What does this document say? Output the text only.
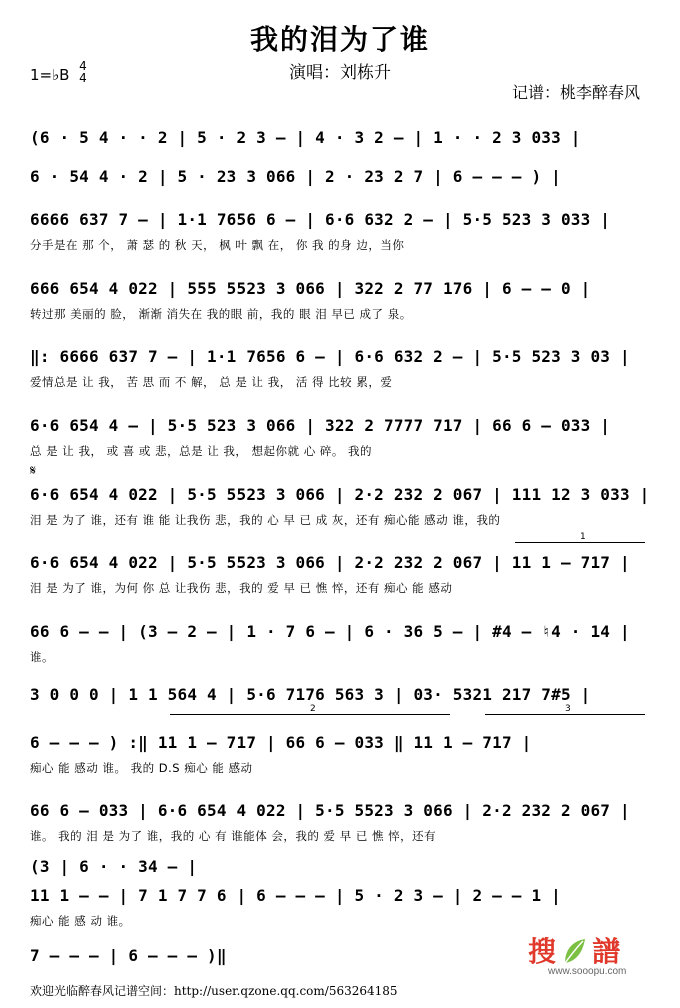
我的泪为了谁
演唱：刘栋升
1=♭B 4
4
记谱：桃李醉春风
(6 · 5 4 · · 2 | 5 · 2 3 – | 4 · 3 2 – | 1 · · 2 3 033 |
6 · 54 4 · 2 | 5 · 23 3 066 | 2 · 23 2 7 | 6 – – – ) |
6666 637 7 – | 1·1 7656 6 – | 6·6 632 2 – | 5·5 523 3 033 |
分手是在 那 个， 萧 瑟 的 秋 天， 枫 叶 飘 在， 你 我 的身 边，当你
666 654 4 022 | 555 5523 3 066 | 322 2 77 176 | 6 – – 0 |
转过那 美丽的 脸， 渐渐 消失在 我的眼 前，我的 眼 泪 早已 成了 泉。
‖: 6666 637 7 – | 1·1 7656 6 – | 6·6 632 2 – | 5·5 523 3 03 |
爱情总是 让 我， 苦 思 而 不 解， 总 是 让 我， 活 得 比较 累，爱
6·6 654 4 – | 5·5 523 3 066 | 322 2 7777 717 | 66 6 – 033 |
总 是 让 我， 或 喜 或 悲，总是 让 我， 想起你就 心 碎。 我的
6·6 654 4 022 | 5·5 5523 3 066 | 2·2 232 2 067 | 111 12 3 033 |
泪 是 为了 谁，还有 谁 能 让我伤 悲，我的 心 早 已 成 灰，还有 痴心能 感动 谁，我的
6·6 654 4 022 | 5·5 5523 3 066 | 2·2 232 2 067 | 11 1 – 717 |
泪 是 为了 谁，为何 你 总 让我伤 悲，我的 爱 早 已 憔 悴，还有 痴心 能 感动
66 6 – – | (3 – 2 – | 1 · 7 6 – | 6 · 36 5 – | #4 – ♮4 · 14 |
谁。
3 0 0 0 | 1 1 564 4 | 5·6 7176 563 3 | 03· 5321 217 7#5 |
6 – – – ) :‖ 11 1 – 717 | 66 6 – 033 ‖ 11 1 – 717 |
痴心 能 感动 谁。 我的 D.S 痴心 能 感动
66 6 – 033 | 6·6 654 4 022 | 5·5 5523 3 066 | 2·2 232 2 067 |
谁。 我的 泪 是 为了 谁，我的 心 有 谁能体 会，我的 爱 早 已 憔 悴，还有
(3 | 6 · · 34 – |
11 1 – – | 7 1 7 7 6 | 6 – – – | 5 · 2 3 – | 2 – – 1 |
痴心 能 感 动 谁。
7 – – – | 6 – – – )‖
𝄋
1
2	3
搜 譜
www.sooopu.com
欢迎光临醉春风记谱空间：http://user.qzone.qq.com/563264185
